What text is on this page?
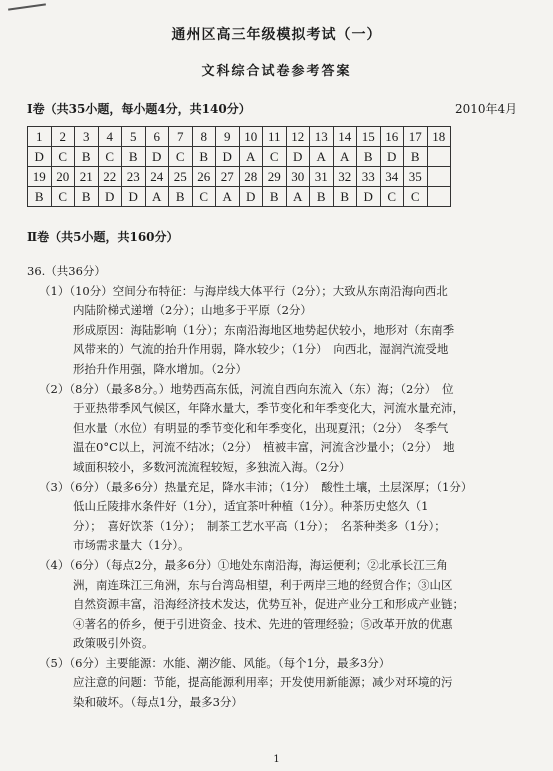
通州区高三年级模拟考试（一）
文科综合试卷参考答案
Ⅰ卷（共35小题，每小题4分，共140分）	2010年4月
1	2	3	4	5	6	7	8	9	10	11	12	13	14	15	16	17	18
D	C	B	C	B	D	C	B	D	A	C	D	A	A	B	D	B	
19	20	21	22	23	24	25	26	27	28	29	30	31	32	33	34	35	
B	C	B	D	D	A	B	C	A	D	B	A	B	B	D	C	C	
Ⅱ卷（共5小题，共160分）
36.（共36分）
（1）（10分）空间分布特征：与海岸线大体平行（2分）；大致从东南沿海向西北
内陆阶梯式递增（2分）；山地多于平原（2分）
形成原因：海陆影响（1分）；东南沿海地区地势起伏较小，地形对（东南季
风带来的）气流的抬升作用弱，降水较少；（1分）　向西北，湿润汽流受地
形抬升作用强，降水增加。（2分）
（2）（8分）（最多8分。）地势西高东低，河流自西向东流入（东）海；（2分）　位
于亚热带季风气候区，年降水量大，季节变化和年季变化大，河流水量充沛，
但水量（水位）有明显的季节变化和年季变化，出现夏汛；（2分）　冬季气
温在0°C以上，河流不结冰；（2分）　植被丰富，河流含沙量小；（2分）　地
域面积较小，多数河流流程较短，多独流入海。（2分）
（3）（6分）（最多6分）热量充足，降水丰沛；（1分）　酸性土壤，土层深厚；（1分）
低山丘陵排水条件好（1分），适宜茶叶种植（1分）。种茶历史悠久（1
分）；　喜好饮茶（1分）；　制茶工艺水平高（1分）；　名茶种类多（1分）；
市场需求量大（1分）。
（4）（6分）（每点2分，最多6分）①地处东南沿海，海运便利；②北承长江三角
洲，南连珠江三角洲，东与台湾岛相望，利于两岸三地的经贸合作；③山区
自然资源丰富，沿海经济技术发达，优势互补，促进产业分工和形成产业链；
④著名的侨乡，便于引进资金、技术、先进的管理经验；⑤改革开放的优惠
政策吸引外资。
（5）（6分）主要能源：水能、潮汐能、风能。（每个1分，最多3分）
应注意的问题：节能，提高能源利用率；开发使用新能源；减少对环境的污
染和破坏。（每点1分，最多3分）
1
